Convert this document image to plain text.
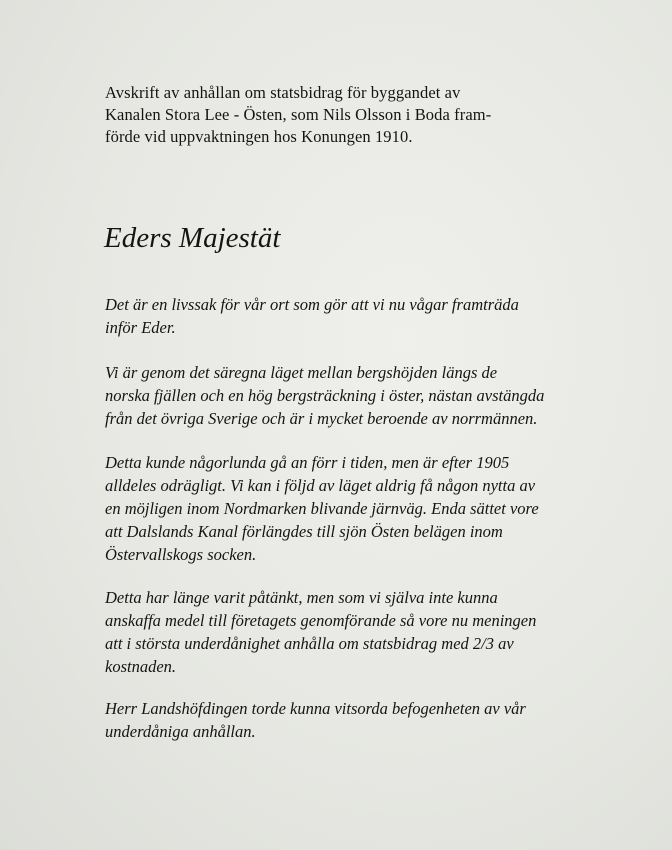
Avskrift av anhållan om statsbidrag för byggandet av

Kanalen Stora Lee - Östen, som Nils Olsson i Boda fram-

förde vid uppvaktningen hos Konungen 1910.

Eders Majestät

Det är en livssak för vår ort som gör att vi nu vågar framträda

inför Eder.

Vi är genom det säregna läget mellan bergshöjden längs de

norska fjällen och en hög bergsträckning i öster, nästan avstängda

från det övriga Sverige och är i mycket beroende av norrmännen.

Detta kunde någorlunda gå an förr i tiden, men är efter 1905

alldeles odrägligt. Vi kan i följd av läget aldrig få någon nytta av

en möjligen inom Nordmarken blivande järnväg. Enda sättet vore

att Dalslands Kanal förlängdes till sjön Östen belägen inom

Östervallskogs socken.

Detta har länge varit påtänkt, men som vi själva inte kunna

anskaffa medel till företagets genomförande så vore nu meningen

att i största underdånighet anhålla om statsbidrag med 2/3 av

kostnaden.

Herr Landshöfdingen torde kunna vitsorda befogenheten av vår

underdåniga anhållan.
